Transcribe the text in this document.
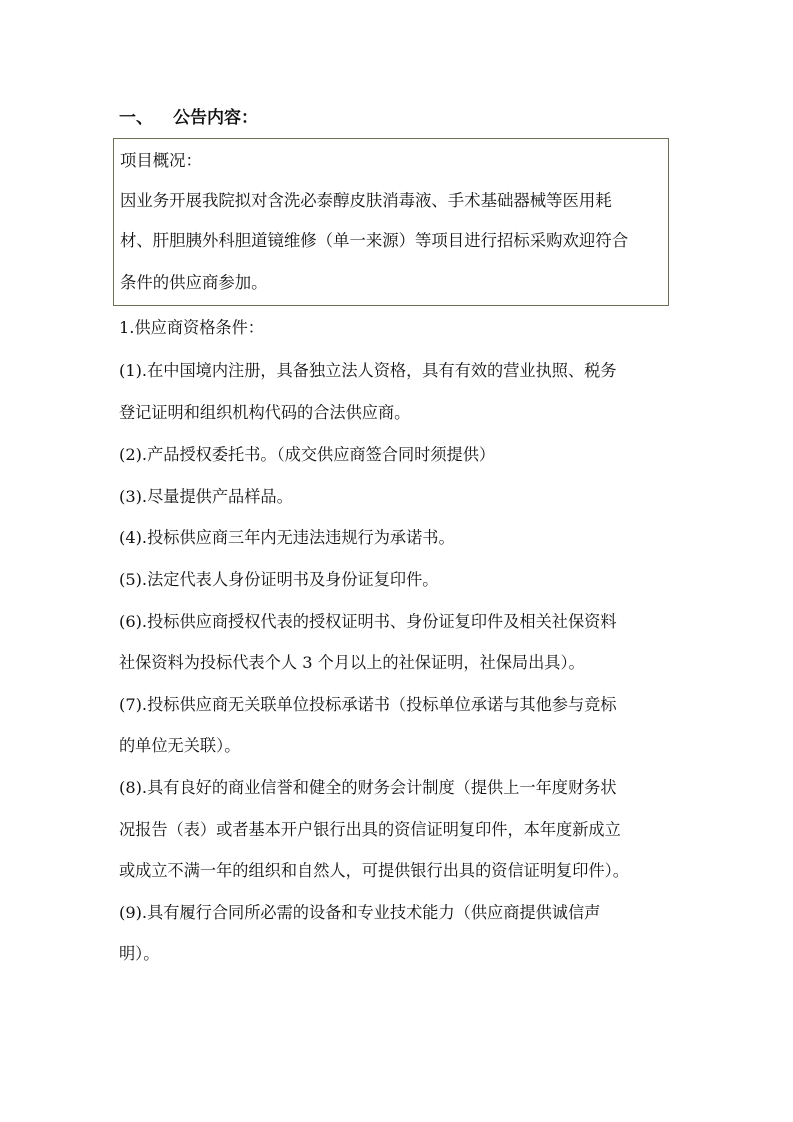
一、 公告内容：
项目概况：
因业务开展我院拟对含洗必泰醇皮肤消毒液、手术基础器械等医用耗
材、肝胆胰外科胆道镜维修（单一来源）等项目进行招标采购欢迎符合
条件的供应商参加。
1.供应商资格条件：
(1).在中国境内注册，具备独立法人资格，具有有效的营业执照、税务
登记证明和组织机构代码的合法供应商。
(2).产品授权委托书。（成交供应商签合同时须提供）
(3).尽量提供产品样品。
(4).投标供应商三年内无违法违规行为承诺书。
(5).法定代表人身份证明书及身份证复印件。
(6).投标供应商授权代表的授权证明书、身份证复印件及相关社保资料
社保资料为投标代表个人 3 个月以上的社保证明，社保局出具）。
(7).投标供应商无关联单位投标承诺书（投标单位承诺与其他参与竞标
的单位无关联）。
(8).具有良好的商业信誉和健全的财务会计制度（提供上一年度财务状
况报告（表）或者基本开户银行出具的资信证明复印件，本年度新成立
或成立不满一年的组织和自然人，可提供银行出具的资信证明复印件）。
(9).具有履行合同所必需的设备和专业技术能力（供应商提供诚信声
明）。
